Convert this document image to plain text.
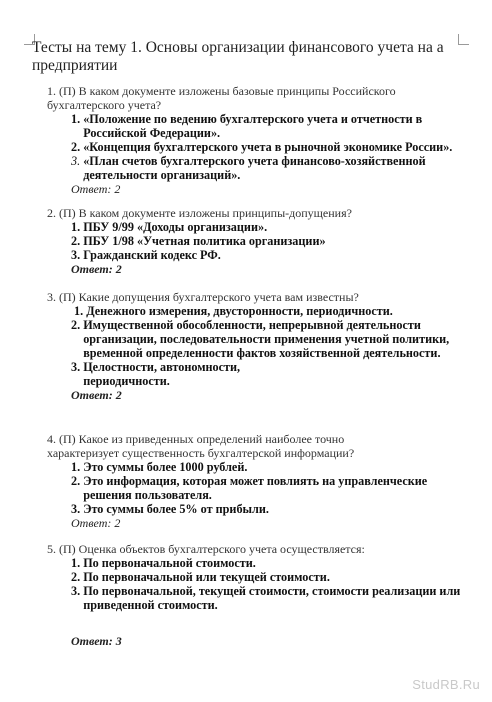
Тесты на тему 1. Основы организации финансового учета на а предприятии
1. (П) В каком документе изложены базовые принципы Российского бухгалтерского учета?
1. «Положение по ведению бухгалтерского учета и отчетности в Российской Федерации».
2. «Концепция бухгалтерского учета в рыночной экономике России».
3. «План счетов бухгалтерского учета финансово-хозяйственной деятельности организаций».
Ответ: 2
2. (П) В каком документе изложены принципы-допущения?
1. ПБУ 9/99 «Доходы организации».
2. ПБУ 1/98 «Учетная политика организации»
3. Гражданский кодекс РФ.
Ответ: 2
3. (П) Какие допущения бухгалтерского учета вам известны?
1. Денежного измерения, двусторонности, периодичности.
2. Имущественной обособленности, непрерывной деятельности организации, последовательности применения учетной политики, временной определенности фактов хозяйственной деятельности.
3. Целостности, автономности, периодичности.
Ответ: 2
4. (П) Какое из приведенных определений наиболее точно характеризует существенность бухгалтерской информации?
1. Это суммы более 1000 рублей.
2. Это информация, которая может повлиять на управленческие решения пользователя.
3. Это суммы более 5% от прибыли.
Ответ: 2
5. (П) Оценка объектов бухгалтерского учета осуществляется:
1. По первоначальной стоимости.
2. По первоначальной или текущей стоимости.
3. По первоначальной, текущей стоимости, стоимости реализации или приведенной стоимости.
Ответ: 3
StudRB.Ru
